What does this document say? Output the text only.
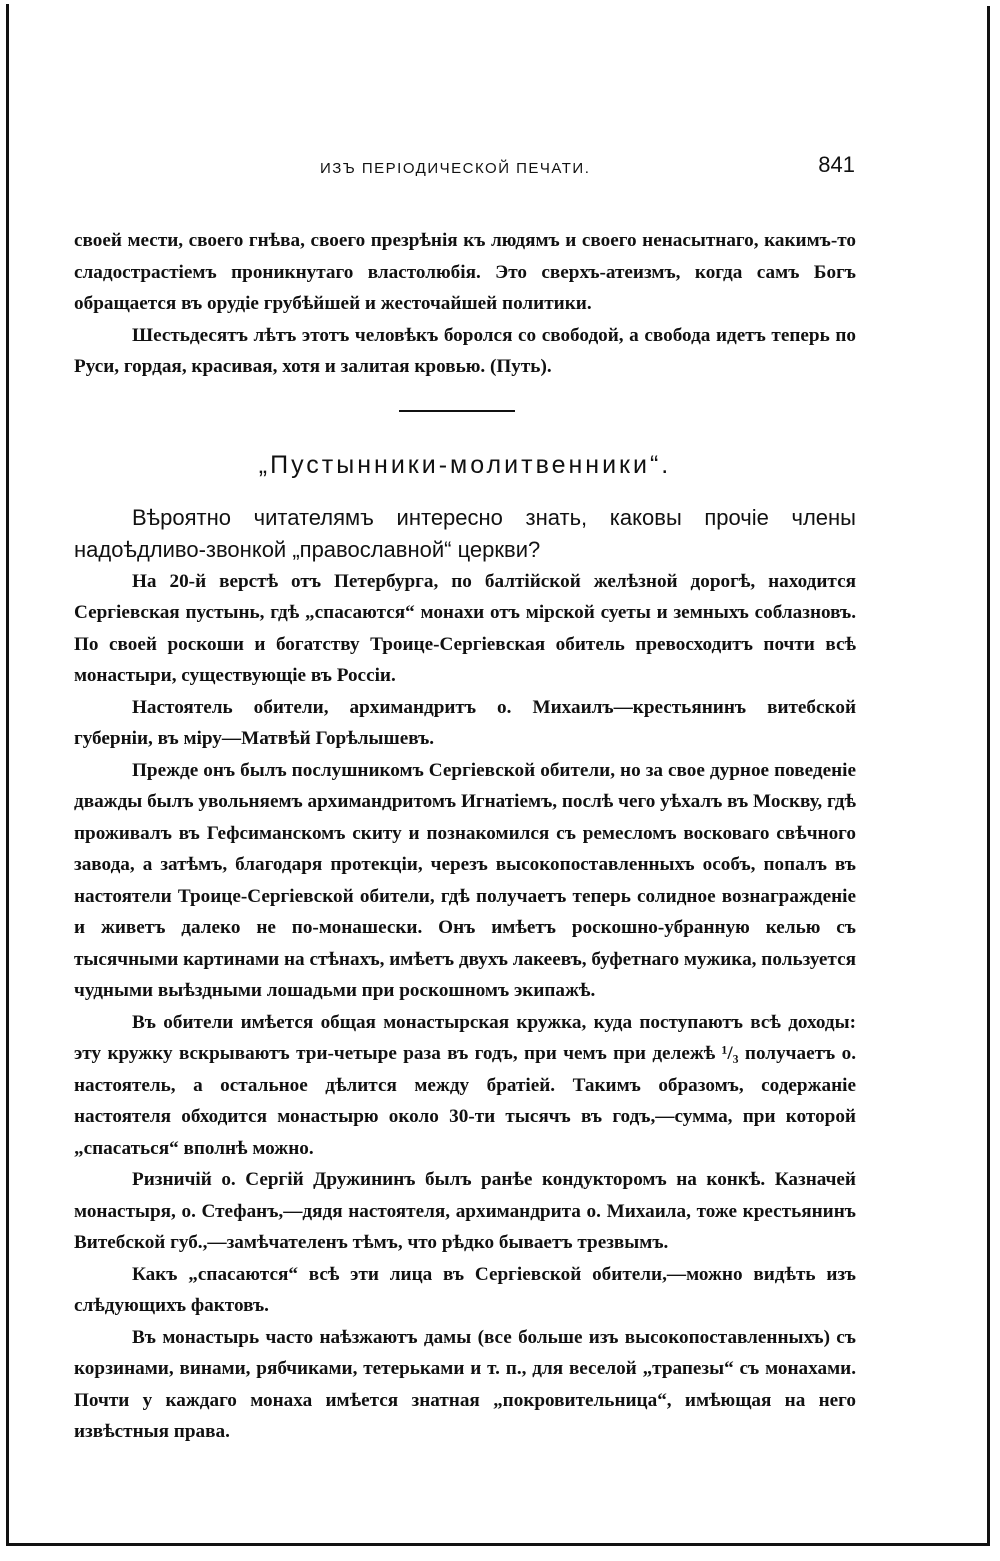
ИЗЪ ПЕРІОДИЧЕСКОЙ ПЕЧАТИ.	841

своей мести, своего гнѣва, своего презрѣнія къ людямъ и своего ненасытнаго, какимъ-то сладострастіемъ проникнутаго властолюбія. Это сверхъ-атеизмъ, когда самъ Богъ обращается въ орудіе грубѣйшей и жесточайшей политики.

Шестьдесятъ лѣтъ этотъ человѣкъ боролся со свободой, а свобода идетъ теперь по Руси, гордая, красивая, хотя и залитая кровью. (Путь).

„Пустынники-молитвенники“.

Вѣроятно читателямъ интересно знать, каковы прочіе члены надоѣдливо-звонкой „православной“ церкви?

На 20-й верстѣ отъ Петербурга, по балтійской желѣзной дорогѣ, находится Сергіевская пустынь, гдѣ „спасаются“ монахи отъ мірской суеты и земныхъ соблазновъ. По своей роскоши и богатству Троице-Сергіевская обитель превосходитъ почти всѣ монастыри, существующіе въ Россіи.

Настоятель обители, архимандритъ о. Михаилъ—крестьянинъ витебской губерніи, въ міру—Матвѣй Горѣлышевъ.

Прежде онъ былъ послушникомъ Сергіевской обители, но за свое дурное поведеніе дважды былъ увольняемъ архимандритомъ Игнатіемъ, послѣ чего уѣхалъ въ Москву, гдѣ проживалъ въ Гефсиманскомъ скиту и познакомился съ ремесломъ восковаго свѣчного завода, а затѣмъ, благодаря протекціи, черезъ высокопоставленныхъ особъ, попалъ въ настоятели Троице-Сергіевской обители, гдѣ получаетъ теперь солидное вознагражденіе и живетъ далеко не по-монашески. Онъ имѣетъ роскошно-убранную келью съ тысячными картинами на стѣнахъ, имѣетъ двухъ лакеевъ, буфетнаго мужика, пользуется чудными выѣздными лошадьми при роскошномъ экипажѣ.

Въ обители имѣется общая монастырская кружка, куда поступаютъ всѣ доходы: эту кружку вскрываютъ три-четыре раза въ годъ, при чемъ при дележѣ ¹/₃ получаетъ о. настоятель, а остальное дѣлится между братіей. Такимъ образомъ, содержаніе настоятеля обходится монастырю около 30-ти тысячъ въ годъ,—сумма, при которой „спасаться“ вполнѣ можно.

Ризничій о. Сергій Дружининъ былъ ранѣе кондукторомъ на конкѣ. Казначей монастыря, о. Стефанъ,—дядя настоятеля, архимандрита о. Михаила, тоже крестьянинъ Витебской губ.,—замѣчателенъ тѣмъ, что рѣдко бываетъ трезвымъ.

Какъ „спасаются“ всѣ эти лица въ Сергіевской обители,—можно видѣть изъ слѣдующихъ фактовъ.

Въ монастырь часто наѣзжаютъ дамы (все больше изъ высокопоставленныхъ) съ корзинами, винами, рябчиками, тетерьками и т. п., для веселой „трапезы“ съ монахами. Почти у каждаго монаха имѣется знатная „покровительница“, имѣющая на него извѣстныя права.
